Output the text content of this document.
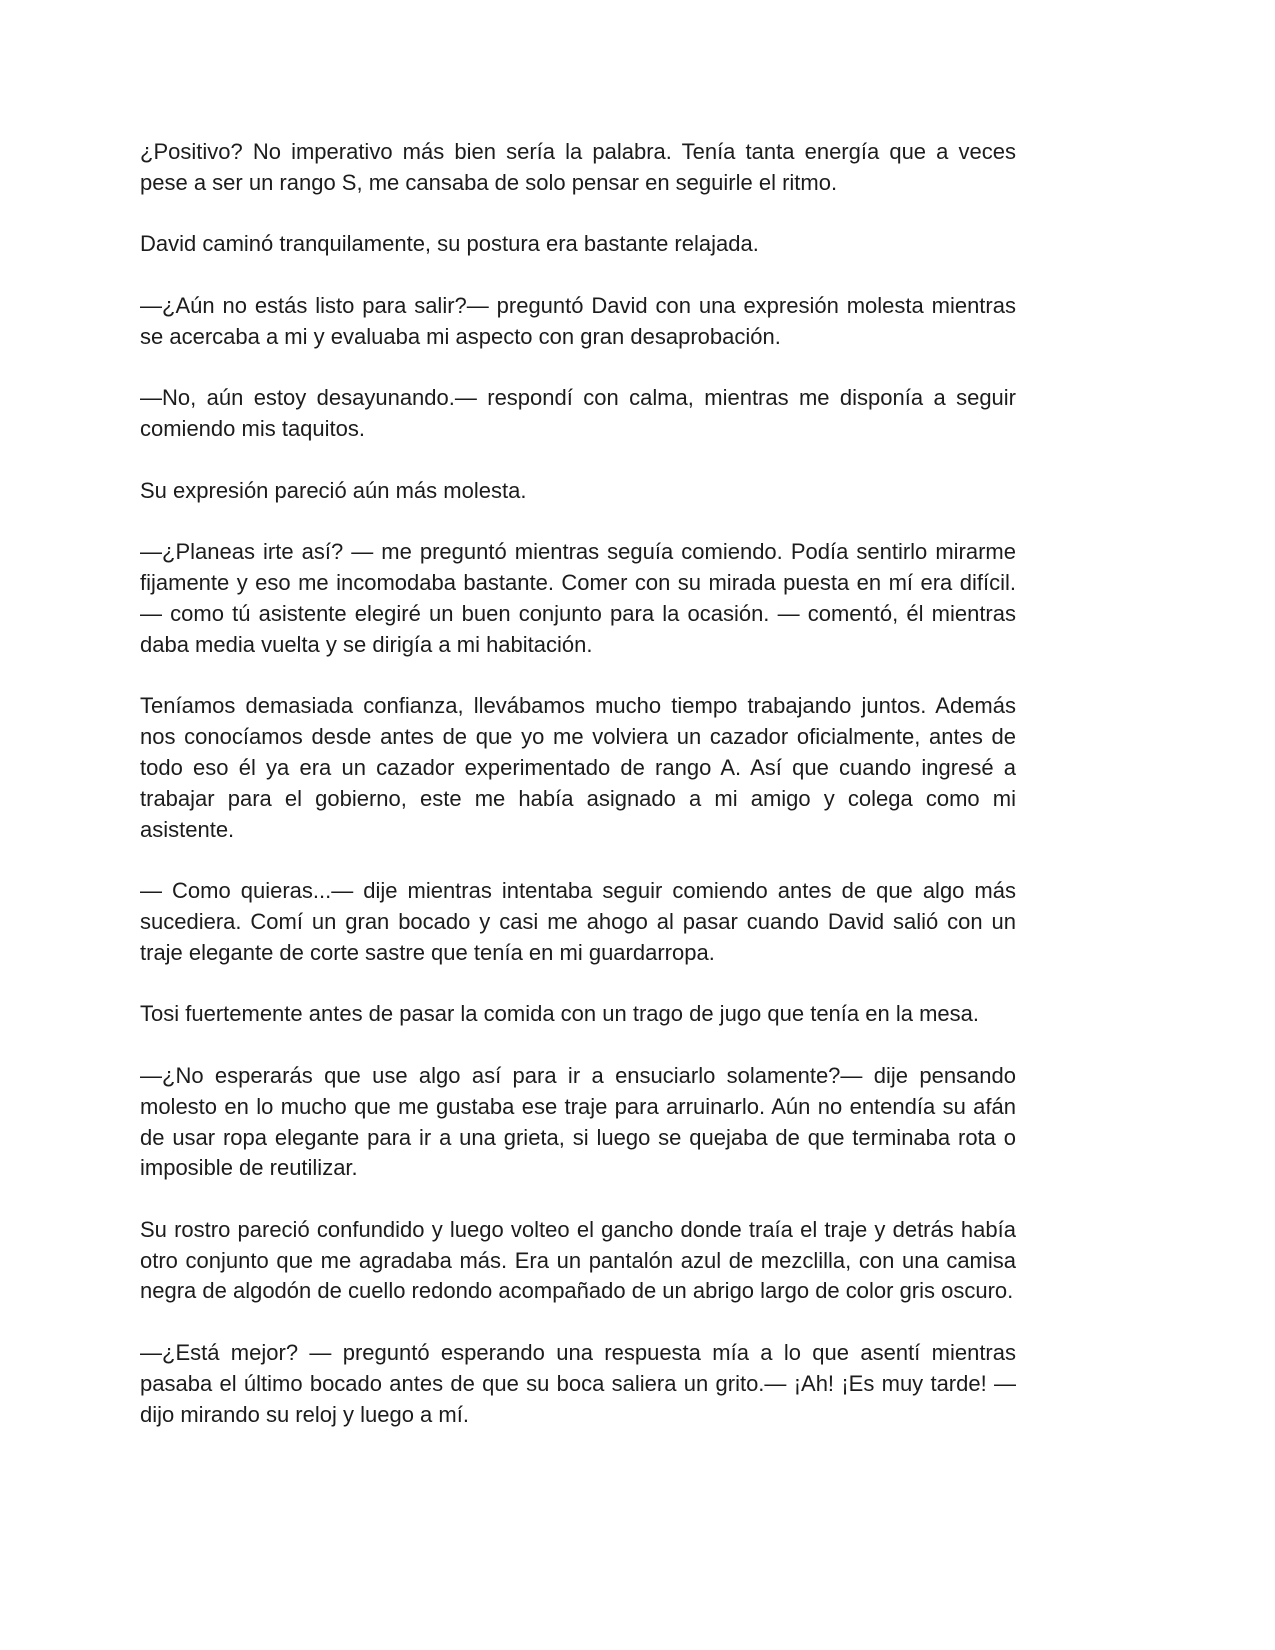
¿Positivo? No imperativo más bien sería la palabra. Tenía tanta energía que a veces pese a ser un rango S, me cansaba de solo pensar en seguirle el ritmo.

David caminó tranquilamente, su postura era bastante relajada.

—¿Aún no estás listo para salir?— preguntó David con una expresión molesta mientras se acercaba a mi y evaluaba mi aspecto con gran desaprobación.

—No, aún estoy desayunando.— respondí con calma, mientras me disponía a seguir comiendo mis taquitos.

Su expresión pareció aún más molesta.

—¿Planeas irte así? — me preguntó mientras seguía comiendo. Podía sentirlo mirarme fijamente y eso me incomodaba bastante. Comer con su mirada puesta en mí era difícil. — como tú asistente elegiré un buen conjunto para la ocasión. — comentó, él mientras daba media vuelta y se dirigía a mi habitación.

Teníamos demasiada confianza, llevábamos mucho tiempo trabajando juntos. Además nos conocíamos desde antes de que yo me volviera un cazador oficialmente, antes de todo eso él ya era un cazador experimentado de rango A. Así que cuando ingresé a trabajar para el gobierno, este me había asignado a mi amigo y colega como mi asistente.

— Como quieras...— dije mientras intentaba seguir comiendo antes de que algo más sucediera. Comí un gran bocado y casi me ahogo al pasar cuando David salió con un traje elegante de corte sastre que tenía en mi guardarropa.

Tosi fuertemente antes de pasar la comida con un trago de jugo que tenía en la mesa.

—¿No esperarás que use algo así para ir a ensuciarlo solamente?— dije pensando molesto en lo mucho que me gustaba ese traje para arruinarlo. Aún no entendía su afán de usar ropa elegante para ir a una grieta, si luego se quejaba de que terminaba rota o imposible de reutilizar.

Su rostro pareció confundido y luego volteo el gancho donde traía el traje y detrás había otro conjunto que me agradaba más. Era un pantalón azul de mezclilla, con una camisa negra de algodón de cuello redondo acompañado de un abrigo largo de color gris oscuro.

—¿Está mejor? — preguntó esperando una respuesta mía a lo que asentí mientras pasaba el último bocado antes de que su boca saliera un grito.— ¡Ah! ¡Es muy tarde! — dijo mirando su reloj y luego a mí.
